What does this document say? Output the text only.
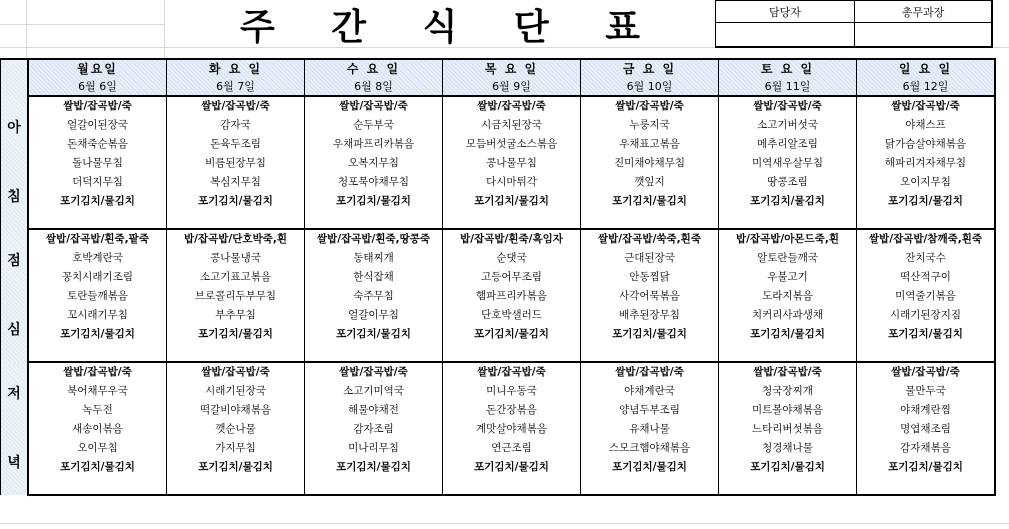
주 간 식 단 표	담당자	총무과장

	월요일	화 요 일	수 요 일	목 요 일	금 요 일	토 요 일	일 요 일
	6월 6일	6월 7일	6월 8일	6월 9일	6월 10일	6월 11일	6월 12일

아
침	쌀밥/잡곡밥/죽	쌀밥/잡곡밥/죽	쌀밥/잡곡밥/죽	쌀밥/잡곡밥/죽	쌀밥/잡곡밥/죽	쌀밥/잡곡밥/죽	쌀밥/잡곡밥/죽
	얼갈이된장국	감자국	순두부국	시금치된장국	누룽지국	소고기버섯국	야채스프
	돈채죽순볶음	돈육두조림	우채파프리카볶음	모듬버섯굴소스볶음	우채표고볶음	메추리알조림	닭가슴살야채볶음
	돌나물무침	비름된장무침	오복지무침	콩나물무침	진미채야채무침	미역새우살무침	해파리겨자채무침
	더덕지무침	복심지무침	청포묵야채무침	다시마튀각	깻잎지	땅콩조림	오이지무침
	포기김치/물김치	포기김치/물김치	포기김치/물김치	포기김치/물김치	포기김치/물김치	포기김치/물김치	포기김치/물김치

점
심	쌀밥/잡곡밥/흰죽,팥죽	밥/잡곡밥/단호박죽,흰	쌀밥/잡곡밥/흰죽,땅콩죽	밥/잡곡밥/흰죽/흑임자	쌀밥/잡곡밥/쑥죽,흰죽	밥/잡곡밥/아몬드죽,흰	쌀밥/잡곡밥/참깨죽,흰죽
	호박계란국	콩나물냉국	동태찌개	순댓국	근대된장국	알토란들깨국	잔치국수
	꽁치시래기조림	소고기표고볶음	한식잡채	고등어무조림	안동찜닭	우불고기	떡산적구이
	토란들깨볶음	브로콜리두부무침	숙주무침	햄파프리카볶음	사각어묵볶음	도라지볶음	미역줄기볶음
	꼬시래기무침	부추무침	얼갈이무침	단호박샐러드	배추된장무침	치커리사과생채	시래기된장지짐
	포기김치/물김치	포기김치/물김치	포기김치/물김치	포기김치/물김치	포기김치/물김치	포기김치/물김치	포기김치/물김치

저
녁	쌀밥/잡곡밥/죽	쌀밥/잡곡밥/죽	쌀밥/잡곡밥/죽	쌀밥/잡곡밥/죽	쌀밥/잡곡밥/죽	쌀밥/잡곡밥/죽	쌀밥/잡곡밥/죽
	북어채무우국	시래기된장국	소고기미역국	미니우동국	야채계란국	청국장찌개	물만두국
	녹두전	떡갈비야채볶음	해물야채전	돈간장볶음	양념두부조림	미트볼야채볶음	야채계란찜
	새송이볶음	깻순나물	감자조림	계맛살야채볶음	유채나물	느타리버섯볶음	명엽채조림
	오이무침	가지무침	미나리무침	연근조림	스모크햄야채볶음	청경채나물	감자채볶음
	포기김치/물김치	포기김치/물김치	포기김치/물김치	포기김치/물김치	포기김치/물김치	포기김치/물김치	포기김치/물김치
